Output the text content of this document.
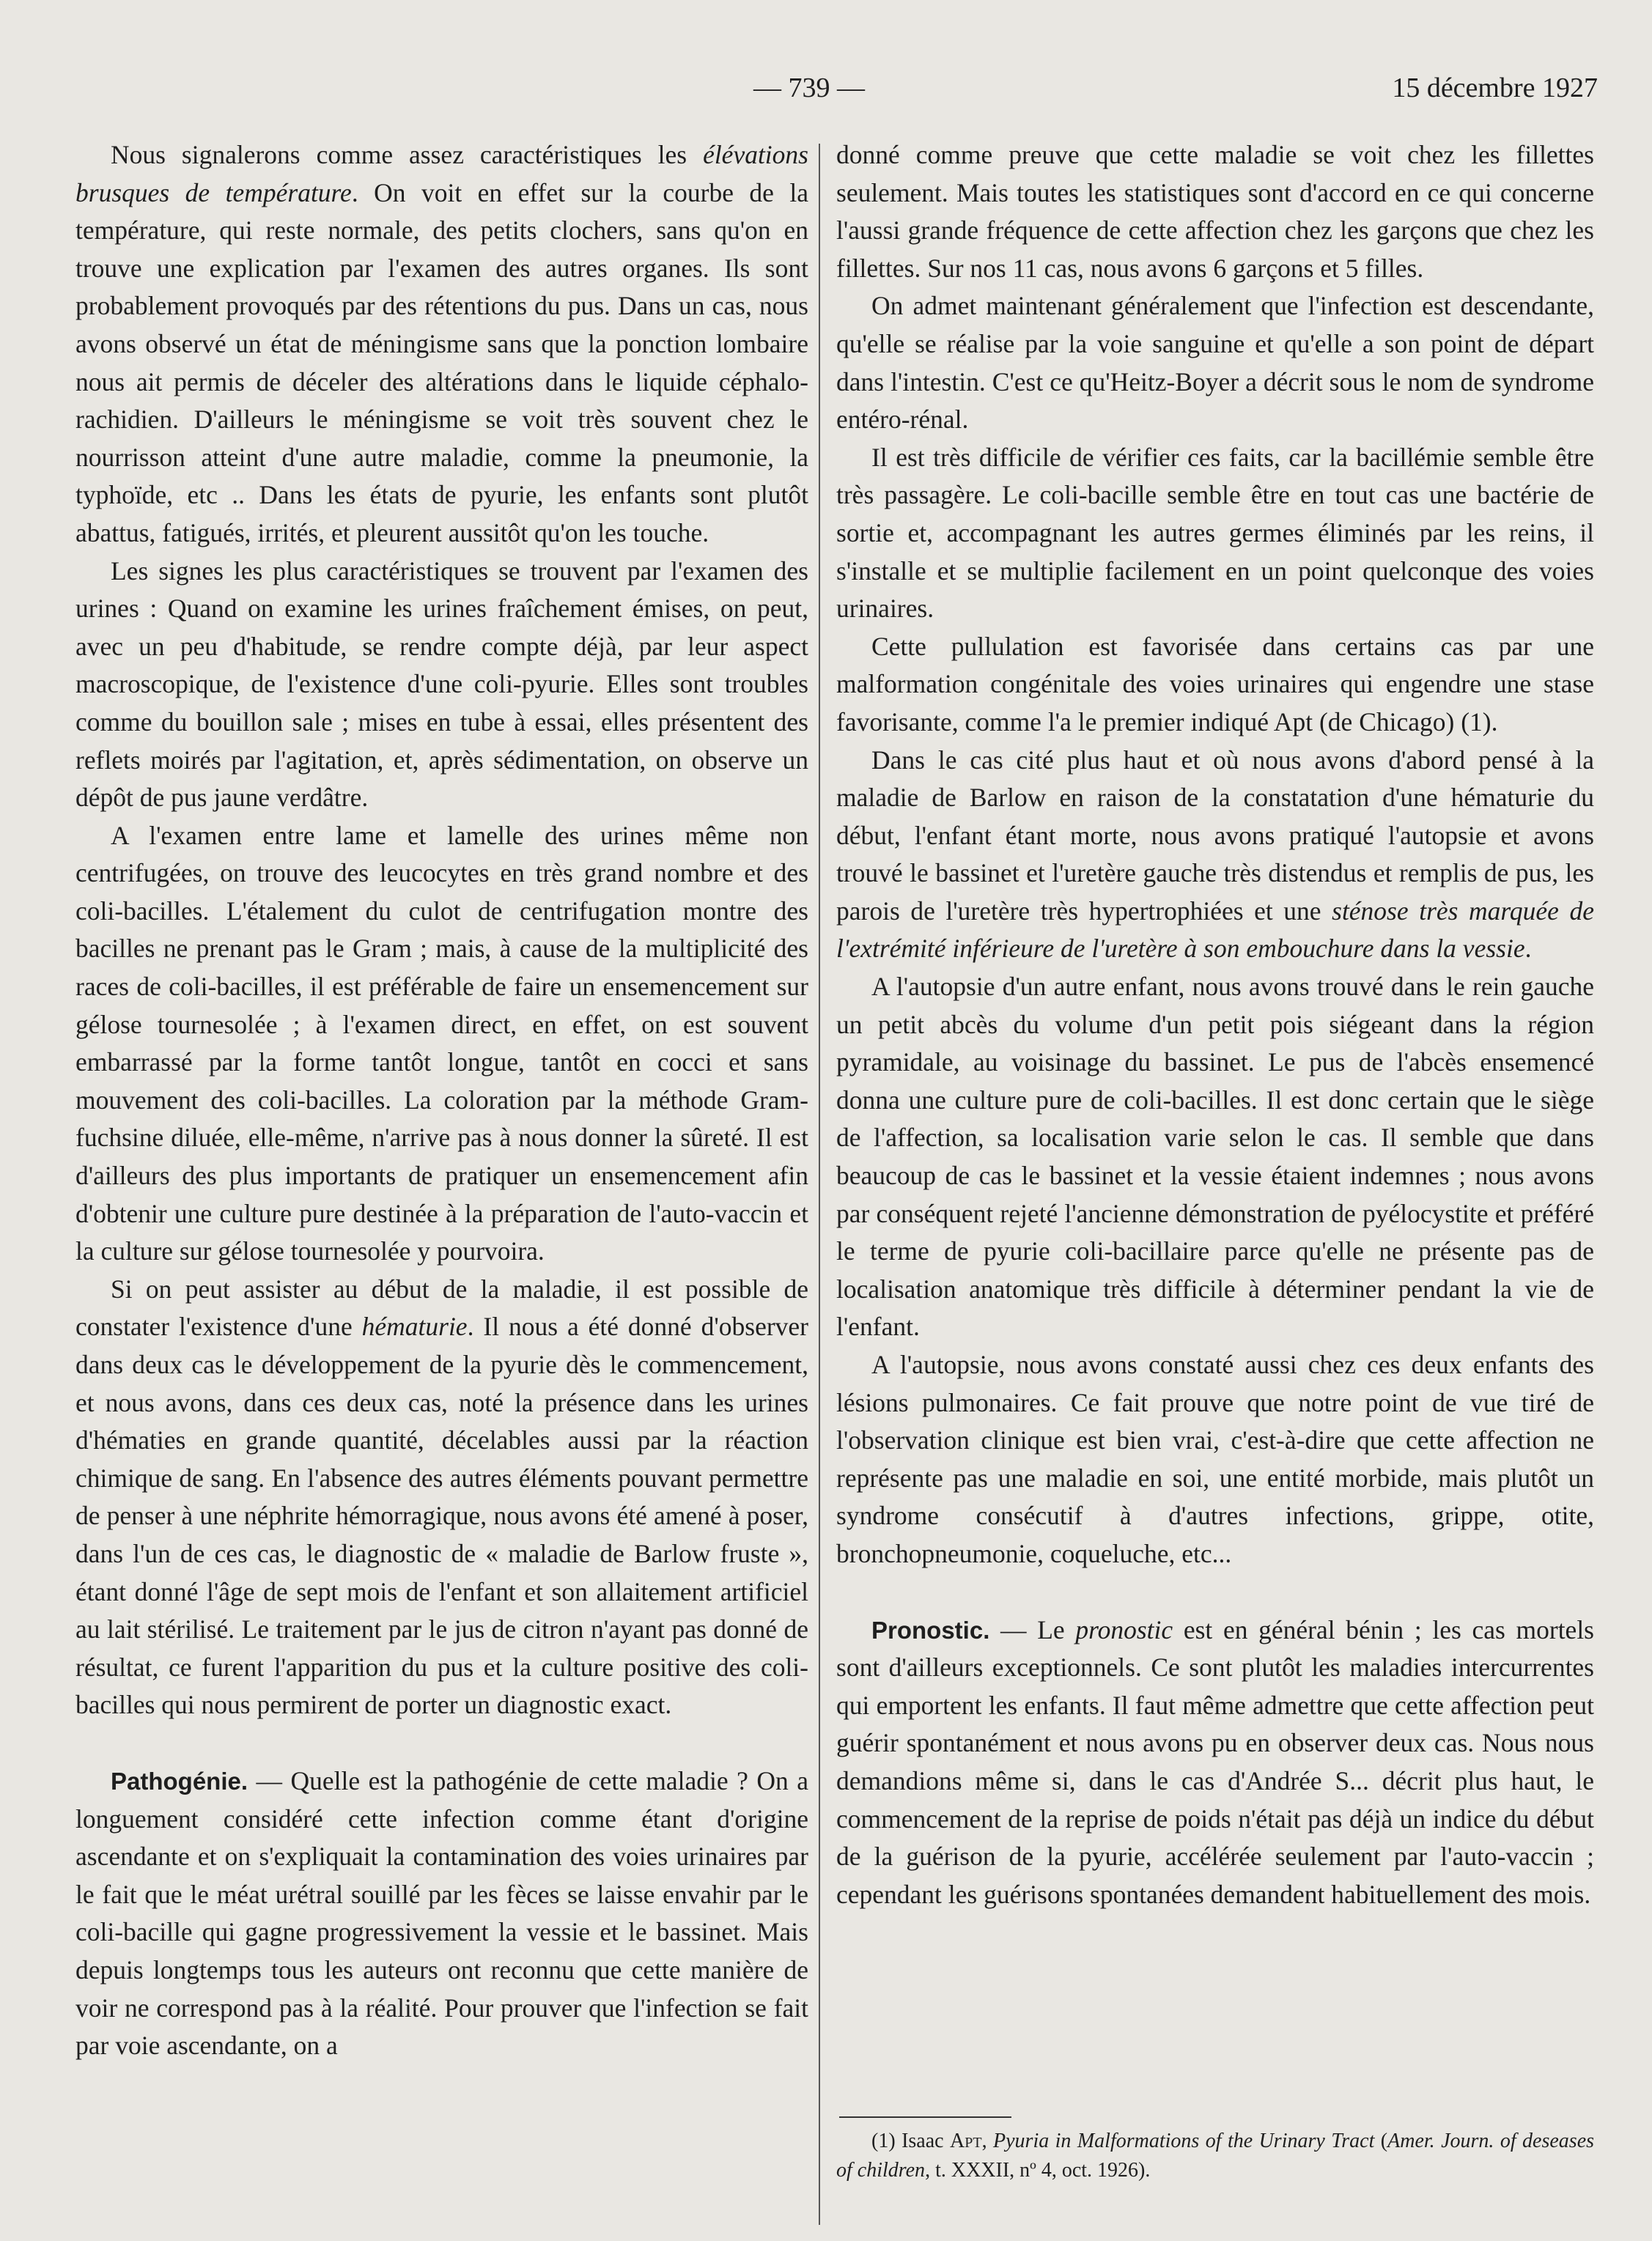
— 739 —	15 décembre 1927

Nous signalerons comme assez caractéristiques les élévations brusques de température. On voit en effet sur la courbe de la température, qui reste normale, des petits clochers, sans qu'on en trouve une explication par l'examen des autres organes. Ils sont probablement provoqués par des rétentions du pus. Dans un cas, nous avons observé un état de méningisme sans que la ponction lombaire nous ait permis de déceler des altérations dans le liquide céphalo-rachidien. D'ailleurs le méningisme se voit très souvent chez le nourrisson atteint d'une autre maladie, comme la pneumonie, la typhoïde, etc .. Dans les états de pyurie, les enfants sont plutôt abattus, fatigués, irrités, et pleurent aussitôt qu'on les touche.

Les signes les plus caractéristiques se trouvent par l'examen des urines : Quand on examine les urines fraîchement émises, on peut, avec un peu d'habitude, se rendre compte déjà, par leur aspect macroscopique, de l'existence d'une coli-pyurie. Elles sont troubles comme du bouillon sale ; mises en tube à essai, elles présentent des reflets moirés par l'agitation, et, après sédimentation, on observe un dépôt de pus jaune verdâtre.

A l'examen entre lame et lamelle des urines même non centrifugées, on trouve des leucocytes en très grand nombre et des coli-bacilles. L'étalement du culot de centrifugation montre des bacilles ne prenant pas le Gram ; mais, à cause de la multiplicité des races de coli-bacilles, il est préférable de faire un ensemencement sur gélose tournesolée ; à l'examen direct, en effet, on est souvent embarrassé par la forme tantôt longue, tantôt en cocci et sans mouvement des coli-bacilles. La coloration par la méthode Gram-fuchsine diluée, elle-même, n'arrive pas à nous donner la sûreté. Il est d'ailleurs des plus importants de pratiquer un ensemencement afin d'obtenir une culture pure destinée à la préparation de l'auto-vaccin et la culture sur gélose tournesolée y pourvoira.

Si on peut assister au début de la maladie, il est possible de constater l'existence d'une hématurie. Il nous a été donné d'observer dans deux cas le développement de la pyurie dès le commencement, et nous avons, dans ces deux cas, noté la présence dans les urines d'hématies en grande quantité, décelables aussi par la réaction chimique de sang. En l'absence des autres éléments pouvant permettre de penser à une néphrite hémorragique, nous avons été amené à poser, dans l'un de ces cas, le diagnostic de « maladie de Barlow fruste », étant donné l'âge de sept mois de l'enfant et son allaitement artificiel au lait stérilisé. Le traitement par le jus de citron n'ayant pas donné de résultat, ce furent l'apparition du pus et la culture positive des coli-bacilles qui nous permirent de porter un diagnostic exact.

Pathogénie. — Quelle est la pathogénie de cette maladie ? On a longuement considéré cette infection comme étant d'origine ascendante et on s'expliquait la contamination des voies urinaires par le fait que le méat urétral souillé par les fèces se laisse envahir par le coli-bacille qui gagne progressivement la vessie et le bassinet. Mais depuis longtemps tous les auteurs ont reconnu que cette manière de voir ne correspond pas à la réalité. Pour prouver que l'infection se fait par voie ascendante, on a

donné comme preuve que cette maladie se voit chez les fillettes seulement. Mais toutes les statistiques sont d'accord en ce qui concerne l'aussi grande fréquence de cette affection chez les garçons que chez les fillettes. Sur nos 11 cas, nous avons 6 garçons et 5 filles.

On admet maintenant généralement que l'infection est descendante, qu'elle se réalise par la voie sanguine et qu'elle a son point de départ dans l'intestin. C'est ce qu'Heitz-Boyer a décrit sous le nom de syndrome entéro-rénal.

Il est très difficile de vérifier ces faits, car la bacillémie semble être très passagère. Le coli-bacille semble être en tout cas une bactérie de sortie et, accompagnant les autres germes éliminés par les reins, il s'installe et se multiplie facilement en un point quelconque des voies urinaires.

Cette pullulation est favorisée dans certains cas par une malformation congénitale des voies urinaires qui engendre une stase favorisante, comme l'a le premier indiqué Apt (de Chicago) (1).

Dans le cas cité plus haut et où nous avons d'abord pensé à la maladie de Barlow en raison de la constatation d'une hématurie du début, l'enfant étant morte, nous avons pratiqué l'autopsie et avons trouvé le bassinet et l'uretère gauche très distendus et remplis de pus, les parois de l'uretère très hypertrophiées et une sténose très marquée de l'extrémité inférieure de l'uretère à son embouchure dans la vessie.

A l'autopsie d'un autre enfant, nous avons trouvé dans le rein gauche un petit abcès du volume d'un petit pois siégeant dans la région pyramidale, au voisinage du bassinet. Le pus de l'abcès ensemencé donna une culture pure de coli-bacilles. Il est donc certain que le siège de l'affection, sa localisation varie selon le cas. Il semble que dans beaucoup de cas le bassinet et la vessie étaient indemnes ; nous avons par conséquent rejeté l'ancienne démonstration de pyélocystite et préféré le terme de pyurie coli-bacillaire parce qu'elle ne présente pas de localisation anatomique très difficile à déterminer pendant la vie de l'enfant.

A l'autopsie, nous avons constaté aussi chez ces deux enfants des lésions pulmonaires. Ce fait prouve que notre point de vue tiré de l'observation clinique est bien vrai, c'est-à-dire que cette affection ne représente pas une maladie en soi, une entité morbide, mais plutôt un syndrome consécutif à d'autres infections, grippe, otite, bronchopneumonie, coqueluche, etc...

Pronostic. — Le pronostic est en général bénin ; les cas mortels sont d'ailleurs exceptionnels. Ce sont plutôt les maladies intercurrentes qui emportent les enfants. Il faut même admettre que cette affection peut guérir spontanément et nous avons pu en observer deux cas. Nous nous demandions même si, dans le cas d'Andrée S... décrit plus haut, le commencement de la reprise de poids n'était pas déjà un indice du début de la guérison de la pyurie, accélérée seulement par l'auto-vaccin ; cependant les guérisons spontanées demandent habituellement des mois.

(1) Isaac Apt, Pyuria in Malformations of the Urinary Tract (Amer. Journ. of deseases of children, t. XXXII, nº 4, oct. 1926).
